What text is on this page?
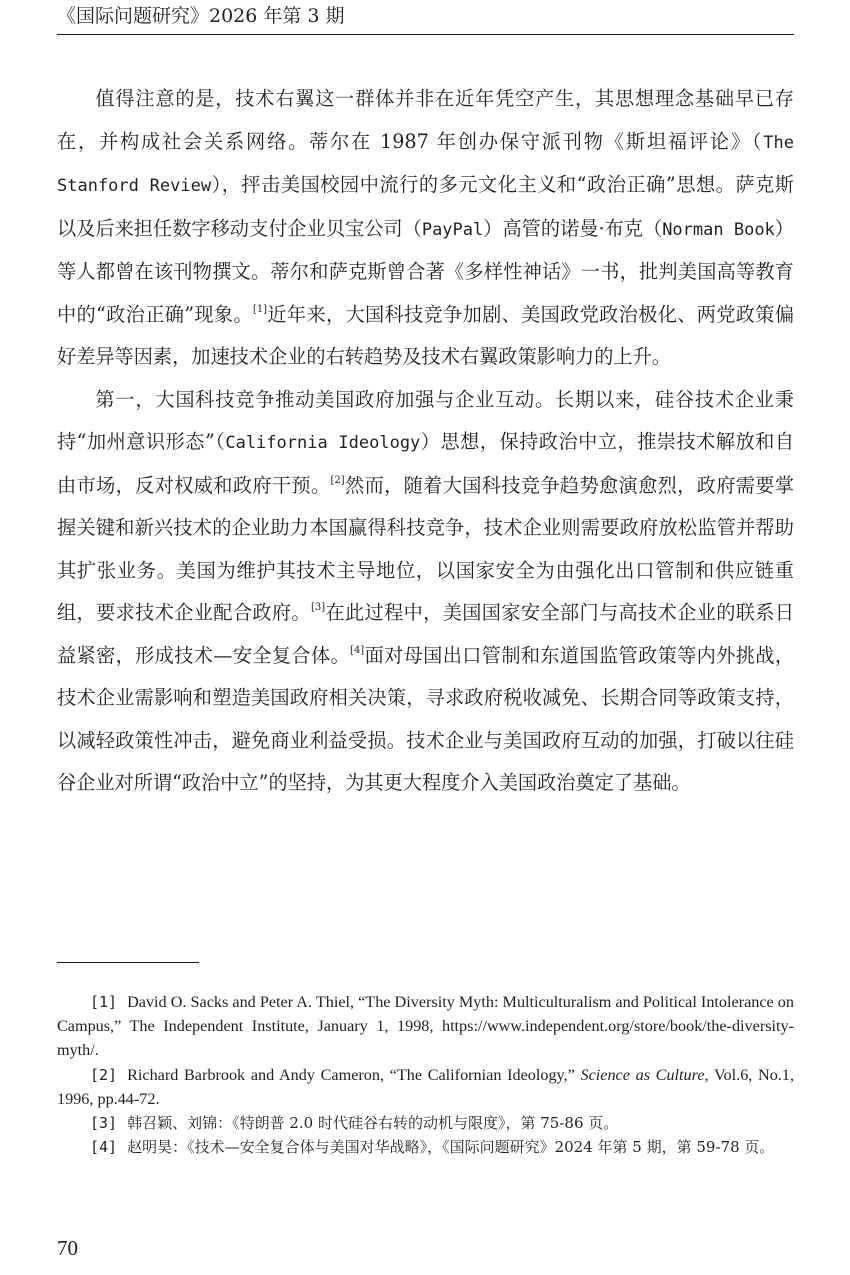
《国际问题研究》2026 年第 3 期

值得注意的是，技术右翼这一群体并非在近年凭空产生，其思想理念基础早已存在，并构成社会关系网络。蒂尔在 1987 年创办保守派刊物《斯坦福评论》（The Stanford Review），抨击美国校园中流行的多元文化主义和“政治正确”思想。萨克斯以及后来担任数字移动支付企业贝宝公司（PayPal）高管的诺曼·布克（Norman Book）等人都曾在该刊物撰文。蒂尔和萨克斯曾合著《多样性神话》一书，批判美国高等教育中的“政治正确”现象。[1]近年来，大国科技竞争加剧、美国政党政治极化、两党政策偏好差异等因素，加速技术企业的右转趋势及技术右翼政策影响力的上升。

第一，大国科技竞争推动美国政府加强与企业互动。长期以来，硅谷技术企业秉持“加州意识形态”（California Ideology）思想，保持政治中立，推崇技术解放和自由市场，反对权威和政府干预。[2]然而，随着大国科技竞争趋势愈演愈烈，政府需要掌握关键和新兴技术的企业助力本国赢得科技竞争，技术企业则需要政府放松监管并帮助其扩张业务。美国为维护其技术主导地位，以国家安全为由强化出口管制和供应链重组，要求技术企业配合政府。[3]在此过程中，美国国家安全部门与高技术企业的联系日益紧密，形成技术—安全复合体。[4]面对母国出口管制和东道国监管政策等内外挑战，技术企业需影响和塑造美国政府相关决策，寻求政府税收减免、长期合同等政策支持，以减轻政策性冲击，避免商业利益受损。技术企业与美国政府互动的加强，打破以往硅谷企业对所谓“政治中立”的坚持，为其更大程度介入美国政治奠定了基础。

[1] David O. Sacks and Peter A. Thiel, “The Diversity Myth: Multiculturalism and Political Intolerance on Campus,” The Independent Institute, January 1, 1998, https://www.independent.org/store/book/the-diversity-myth/.

[2] Richard Barbrook and Andy Cameron, “The Californian Ideology,” Science as Culture, Vol.6, No.1, 1996, pp.44-72.

[3] 韩召颖、刘锦：《特朗普 2.0 时代硅谷右转的动机与限度》，第 75-86 页。

[4] 赵明昊：《技术—安全复合体与美国对华战略》，《国际问题研究》2024 年第 5 期，第 59-78 页。

70
